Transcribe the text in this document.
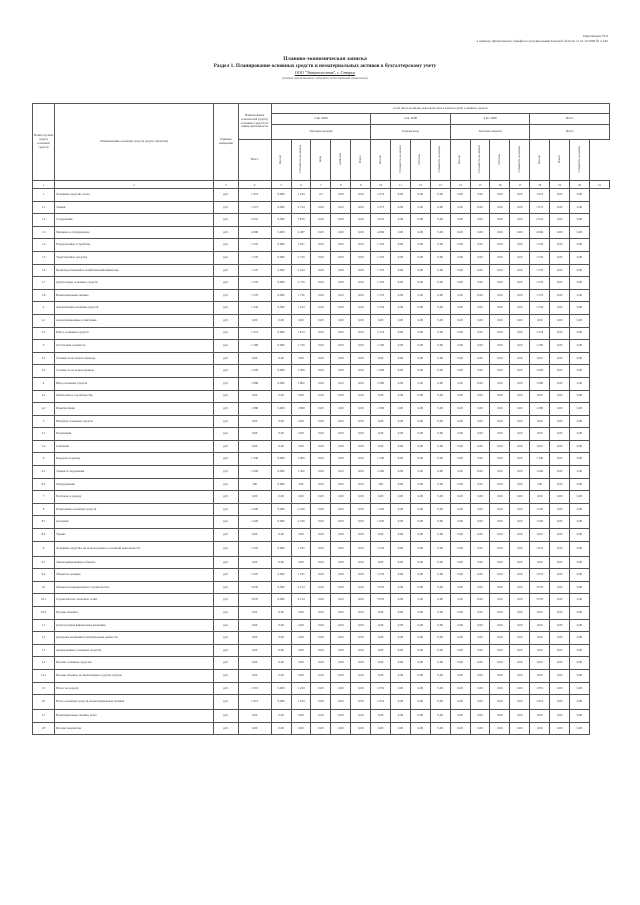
Приложение № 8
к приказу Департамента тарифного регулирования Томской области от 31.10.2008 № 4-242
Планово-экономическая записка
Раздел 1. Планирование основных средств и нематериальных активов к бухгалтерскому учету
ООО "Энергосистема", г. Северск
(полное наименование субъекта естественной монополии)
Номер группы (вида) основных средств	Наименование основных средств (групп, объектов)	Единица измерения	Наименование показателей (групп) основных средств по видам деятельности	в том числе по видам деятельности и в разрезе групп основных средств																
				2 кв. 2008					3 кв. 2008				4 кв. 2008				Итого			
				Тепловая энергия					Горячая вода				Тепловая энергия				Итого			
			Всего	Кол-во	Стоимость на начало	ввод	выбытие	Износ	Кол-во	Стоимость на начало	Остаток	Стоимость на конец	Кол-во	Стоимость на начало	Остаток	Стоимость на конец	Кол-во	Износ	Стоимость на конец	
1	2	3	4	5	6	7	8	9	10	11	12	13	14	15	16	17	18	19	20	21
1	Основные средства, всего	руб.	1 874	0,000	1 234	2,5	0,00	0,00	1 874	0,00	0,00	0,00	0,00	0,00	0,00	0,00	1 874	0,00	0,00	
1.1	Здания	руб.	1 073	0,000	2 754	0,00	0,00	0,00	1 073	0,00	0,00	0,00	0,00	0,00	0,00	0,00	1 073	0,00	0,00	
1.2	Сооружения	руб.	2 641	0,000	3 876	0,00	0,00	0,00	2 641	0,00	0,00	0,00	0,00	0,00	0,00	0,00	2 641	0,00	0,00	
1.3	Машины и оборудование	руб.	4 006	0,000	2 487	0,00	0,00	0,00	4 006	0,00	0,00	0,00	0,00	0,00	0,00	0,00	4 006	0,00	0,00	
1.4	Передаточные устройства	руб.	1 579	0,000	1 927	0,00	0,00	0,00	1 579	0,00	0,00	0,00	0,00	0,00	0,00	0,00	1 579	0,00	0,00	
1.5	Транспортные средства	руб.	1 579	0,000	2 750	0,00	0,00	0,00	1 579	0,00	0,00	0,00	0,00	0,00	0,00	0,00	1 579	0,00	0,00	
1.6	Производственный и хозяйственный инвентарь	руб.	1 579	0,000	2 224	0,00	0,00	0,00	1 579	0,00	0,00	0,00	0,00	0,00	0,00	0,00	1 579	0,00	0,00	
1.7	Другие виды основных средств	руб.	1 579	0,000	2 750	0,00	0,00	0,00	1 579	0,00	0,00	0,00	0,00	0,00	0,00	0,00	1 579	0,00	0,00	
1.8	Нематериальные активы	руб.	1 579	0,000	1 756	0,00	0,00	0,00	1 579	0,00	0,00	0,00	0,00	0,00	0,00	0,00	1 579	0,00	0,00	
2	Амортизация основных средств	руб.	1 234	0,000	1 234	0,00	0,00	0,00	1 234	0,00	0,00	0,00	0,00	0,00	0,00	0,00	1 234	0,00	0,00	
2.1	Амортизационные отчисления	руб.	0,00	0,00	0,00	0,00	0,00	0,00	0,00	0,00	0,00	0,00	0,00	0,00	0,00	0,00	0,00	0,00	0,00	
2.2	Износ основных средств	руб.	1 274	0,000	1 874	0,00	0,00	0,00	1 274	0,00	0,00	0,00	0,00	0,00	0,00	0,00	1 274	0,00	0,00	
3	Остаточная стоимость	руб.	1 200	0,000	1 750	0,00	0,00	0,00	1 200	0,00	0,00	0,00	0,00	0,00	0,00	0,00	1 200	0,00	0,00	
3.1	Стоимость на начало периода	руб.	0,00	0,00	0,00	0,00	0,00	0,00	0,00	0,00	0,00	0,00	0,00	0,00	0,00	0,00	0,00	0,00	0,00	
3.2	Стоимость на конец периода	руб.	1 009	0,000	1 500	0,00	0,00	0,00	1 009	0,00	0,00	0,00	0,00	0,00	0,00	0,00	1 009	0,00	0,00	
4	Ввод основных средств	руб.	1 080	0,000	1 800	0,00	0,00	0,00	1 080	0,00	0,00	0,00	0,00	0,00	0,00	0,00	1 080	0,00	0,00	
4.1	Капитальное строительство	руб.	0,00	0,00	0,00	0,00	0,00	0,00	0,00	0,00	0,00	0,00	0,00	0,00	0,00	0,00	0,00	0,00	0,00	
4.2	Приобретение	руб.	1 080	0,000	1 800	0,00	0,00	0,00	1 080	0,00	0,00	0,00	0,00	0,00	0,00	0,00	1 080	0,00	0,00	
5	Выбытие основных средств	руб.	0,00	0,00	0,00	0,00	0,00	0,00	0,00	0,00	0,00	0,00	0,00	0,00	0,00	0,00	0,00	0,00	0,00	
5.1	Реализация	руб.	0,00	0,00	0,00	0,00	0,00	0,00	0,00	0,00	0,00	0,00	0,00	0,00	0,00	0,00	0,00	0,00	0,00	
5.2	Списание	руб.	0,00	0,00	0,00	0,00	0,00	0,00	0,00	0,00	0,00	0,00	0,00	0,00	0,00	0,00	0,00	0,00	0,00	
6	Передача в аренду	руб.	1 340	0,000	1 900	0,00	0,00	0,00	1 340	0,00	0,00	0,00	0,00	0,00	0,00	0,00	1 340	0,00	0,00	
6.1	Здания и сооружения	руб.	1 000	0,000	1 500	0,00	0,00	0,00	1 000	0,00	0,00	0,00	0,00	0,00	0,00	0,00	1 000	0,00	0,00	
6.2	Оборудование	руб.	340	0,000	400	0,00	0,00	0,00	340	0,00	0,00	0,00	0,00	0,00	0,00	0,00	340	0,00	0,00	
7	Получено в аренду	руб.	0,00	0,00	0,00	0,00	0,00	0,00	0,00	0,00	0,00	0,00	0,00	0,00	0,00	0,00	0,00	0,00	0,00	
8	Переоценка основных средств	руб.	1 620	0,000	2 100	0,00	0,00	0,00	1 620	0,00	0,00	0,00	0,00	0,00	0,00	0,00	1 620	0,00	0,00	
8.1	Дооценка	руб.	1 620	0,000	2 100	0,00	0,00	0,00	1 620	0,00	0,00	0,00	0,00	0,00	0,00	0,00	1 620	0,00	0,00	
8.2	Уценка	руб.	0,00	0,00	0,00	0,00	0,00	0,00	0,00	0,00	0,00	0,00	0,00	0,00	0,00	0,00	0,00	0,00	0,00	
9	Основные средства, не используемые в основной деятельности	руб.	1 079	0,000	1 235	0,00	0,00	0,00	1 079	0,00	0,00	0,00	0,00	0,00	0,00	0,00	1 079	0,00	0,00	
9.1	Законсервированные объекты	руб.	0,00	0,00	0,00	0,00	0,00	0,00	0,00	0,00	0,00	0,00	0,00	0,00	0,00	0,00	0,00	0,00	0,00	
9.2	Объекты в резерве	руб.	1 079	0,000	1 235	0,00	0,00	0,00	1 079	0,00	0,00	0,00	0,00	0,00	0,00	0,00	1 079	0,00	0,00	
10	Объекты незавершенного строительства	руб.	3 070	0,000	4 154	0,00	0,00	0,00	3 070	0,00	0,00	0,00	0,00	0,00	0,00	0,00	3 070	0,00	0,00	
10.1	Строительство тепловых сетей	руб.	3 070	0,000	4 154	0,00	0,00	0,00	3 070	0,00	0,00	0,00	0,00	0,00	0,00	0,00	3 070	0,00	0,00	
10.2	Прочие объекты	руб.	0,00	0,00	0,00	0,00	0,00	0,00	0,00	0,00	0,00	0,00	0,00	0,00	0,00	0,00	0,00	0,00	0,00	
11	Долгосрочные финансовые вложения	руб.	0,00	0,00	0,00	0,00	0,00	0,00	0,00	0,00	0,00	0,00	0,00	0,00	0,00	0,00	0,00	0,00	0,00	
12	Доходные вложения в материальные ценности	руб.	0,00	0,00	0,00	0,00	0,00	0,00	0,00	0,00	0,00	0,00	0,00	0,00	0,00	0,00	0,00	0,00	0,00	
13	Арендованные основные средства	руб.	0,00	0,00	0,00	0,00	0,00	0,00	0,00	0,00	0,00	0,00	0,00	0,00	0,00	0,00	0,00	0,00	0,00	
14	Прочие основные средства	руб.	0,00	0,00	0,00	0,00	0,00	0,00	0,00	0,00	0,00	0,00	0,00	0,00	0,00	0,00	0,00	0,00	0,00	
14.1	Прочие объекты, не включенные в другие группы	руб.	0,00	0,00	0,00	0,00	0,00	0,00	0,00	0,00	0,00	0,00	0,00	0,00	0,00	0,00	0,00	0,00	0,00	
15	Итого по разделу	руб.	1 874	0,000	1 234	0,00	0,00	0,00	1 874	0,00	0,00	0,00	0,00	0,00	0,00	0,00	1 874	0,00	0,00	
16	Всего основных средств и нематериальных активов	руб.	1 874	0,000	1 234	0,00	0,00	0,00	1 874	0,00	0,00	0,00	0,00	0,00	0,00	0,00	1 874	0,00	0,00	
17	Нематериальные активы, всего	руб.	0,00	0,00	0,00	0,00	0,00	0,00	0,00	0,00	0,00	0,00	0,00	0,00	0,00	0,00	0,00	0,00	0,00	
18	Прочие показатели	руб.	0,00	0,00	0,00	0,00	0,00	0,00	0,00	0,00	0,00	0,00	0,00	0,00	0,00	0,00	0,00	0,00	0,00	
